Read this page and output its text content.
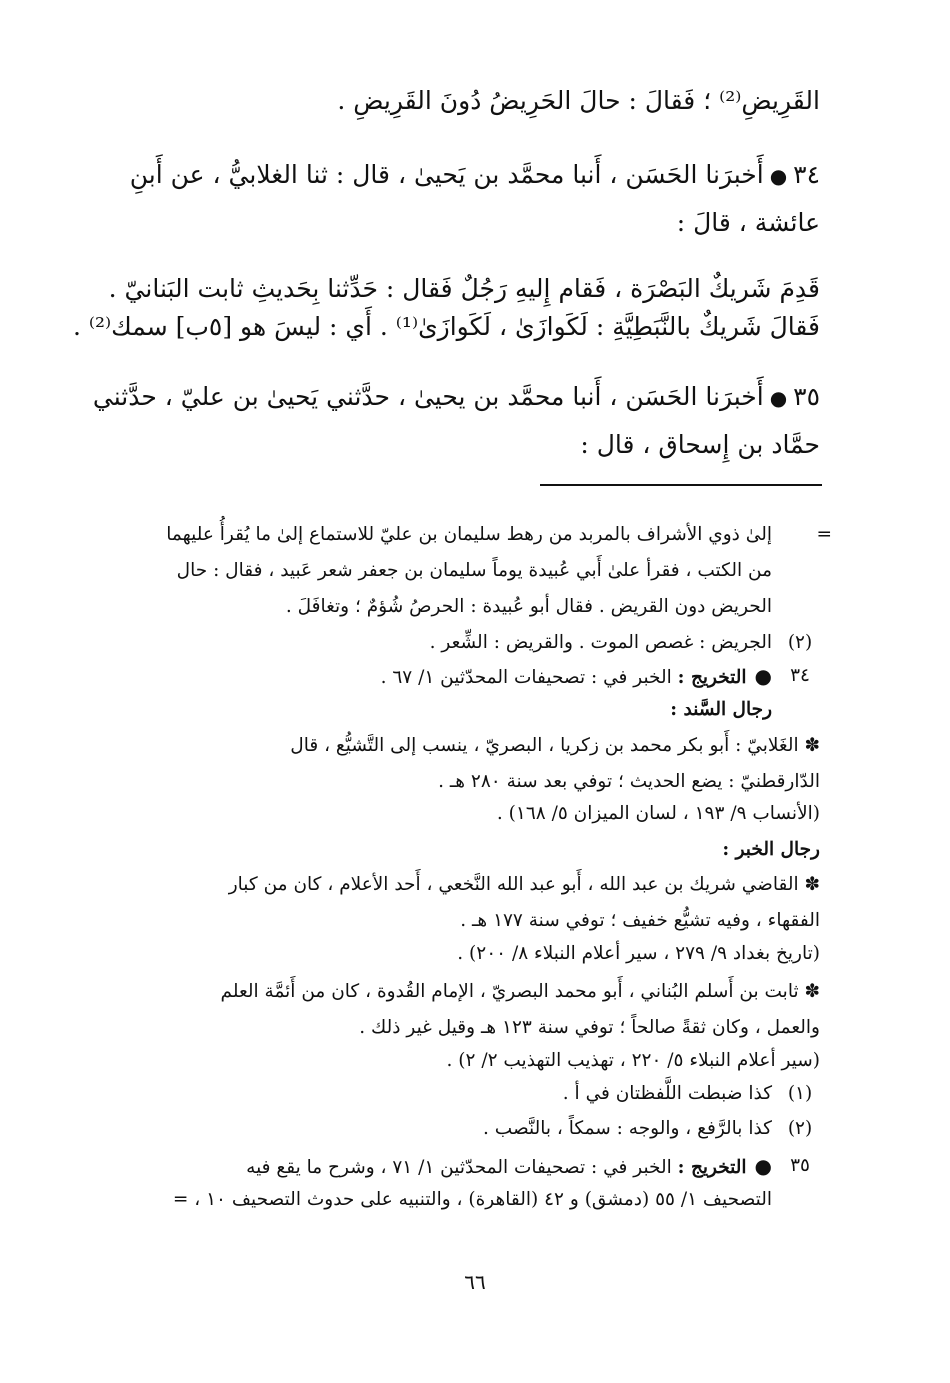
القَرِيضِ⁽²⁾ ؛ فَقالَ : حالَ الحَرِيضُ دُونَ القَرِيضِ .
٣٤●أَخبرَنا الحَسَن ، أَنبا محمَّد بن يَحيىٰ ، قال : ثنا الغلابيُّ ، عن أَبنِ
عائشة ، قالَ :
قَدِمَ شَريكٌ البَصْرَة ، فَقام إِليهِ رَجُلٌ فَقال : حَدِّثنا بِحَديثِ ثابت البَنانيّ .
فَقالَ شَريكٌ بالنَّبَطِيَّةِ : لَكَوازَىٰ ، لَكَوازَىٰ⁽¹⁾ . أَي : ليسَ هو [٥ب] سمك⁽²⁾ .
٣٥●أَخبرَنا الحَسَن ، أَنبا محمَّد بن يحيىٰ ، حدَّثني يَحيىٰ بن عليّ ، حدَّثني
حمَّاد بن إِسحاق ، قال :
=
إلىٰ ذوي الأشراف بالمربد من رهط سليمان بن عليّ للاستماع إلىٰ ما يُقرأُ عليهما
من الكتب ، فقرأ علىٰ أَبي عُبيدة يوماً سليمان بن جعفر شعر عَبيد ، فقال : حال
الحريض دون القريض . فقال أبو عُبيدة : الحرصُ شُؤمٌ ؛ وتغافَلَ .
(٢)
الجريض : غصص الموت . والقريض : الشِّعر .
٣٤
●التخريج : الخبر في : تصحيفات المحدّثين ١/ ٦٧ .
رجال السَّند :
✽ الغَلابيّ : أَبو بكر محمد بن زكريا ، البصريّ ، ينسب إلى التَّشيُّع ، قال
الدّارقطنيّ : يضع الحديث ؛ توفي بعد سنة ٢٨٠ هـ .
(الأنساب ٩/ ١٩٣ ، لسان الميزان ٥/ ١٦٨) .
رجال الخبر :
✽ القاضي شريك بن عبد الله ، أَبو عبد الله النَّخعي ، أَحد الأعلام ، كان من كبار
الفقهاء ، وفيه تشيُّع خفيف ؛ توفي سنة ١٧٧ هـ .
(تاريخ بغداد ٩/ ٢٧٩ ، سير أعلام النبلاء ٨/ ٢٠٠) .
✽ ثابت بن أَسلم البُناني ، أَبو محمد البصريّ ، الإمام القُدوة ، كان من أَئمَّة العلم
والعمل ، وكان ثقةً صالحاً ؛ توفي سنة ١٢٣ هـ وقيل غير ذلك .
(سير أعلام النبلاء ٥/ ٢٢٠ ، تهذيب التهذيب ٢/ ٢) .
(١)
كذا ضبطت اللَّفظتان في أ .
(٢)
كذا بالرَّفع ، والوجه : سمكاً ، بالنَّصب .
٣٥
●التخريج : الخبر في : تصحيفات المحدّثين ١/ ٧١ ، وشرح ما يقع فيه
التصحيف ١/ ٥٥ (دمشق) و ٤٢ (القاهرة) ، والتنبيه على حدوث التصحيف ١٠ ، =
٦٦
